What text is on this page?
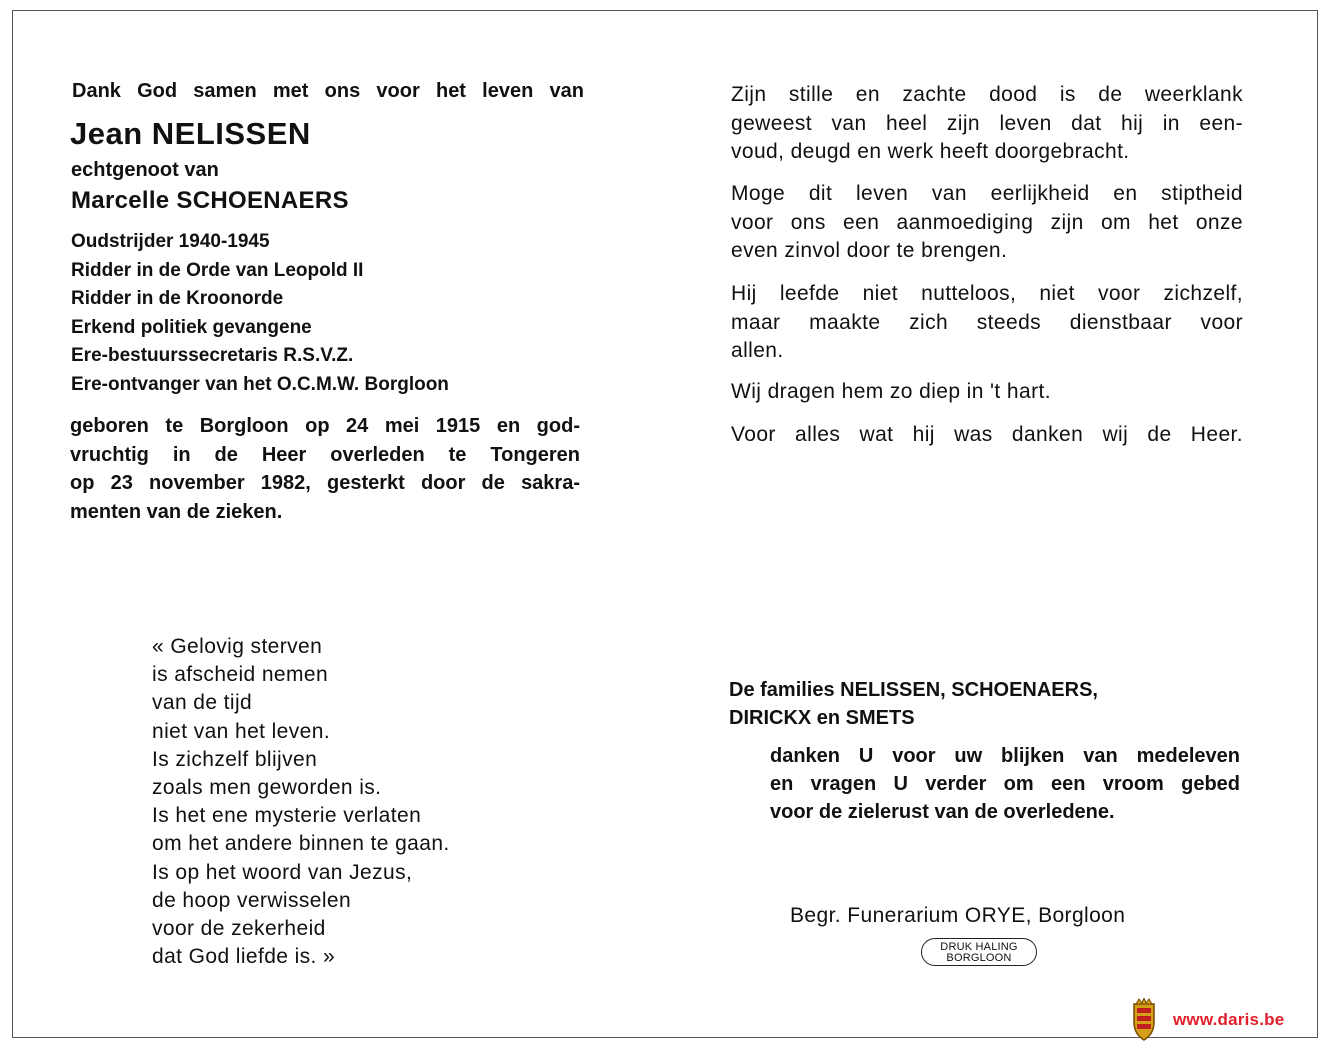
Dank God samen met ons voor het leven van
Jean NELISSEN
echtgenoot van
Marcelle SCHOENAERS
Oudstrijder 1940-1945
Ridder in de Orde van Leopold II
Ridder in de Kroonorde
Erkend politiek gevangene
Ere-bestuurssecretaris R.S.V.Z.
Ere-ontvanger van het O.C.M.W. Borgloon
geboren te Borgloon op 24 mei 1915 en god-
vruchtig in de Heer overleden te Tongeren
op 23 november 1982, gesterkt door de sakra-
menten van de zieken.
« Gelovig sterven
is afscheid nemen
van de tijd
niet van het leven.
Is zichzelf blijven
zoals men geworden is.
Is het ene mysterie verlaten
om het andere binnen te gaan.
Is op het woord van Jezus,
de hoop verwisselen
voor de zekerheid
dat God liefde is. »
Zijn stille en zachte dood is de weerklank
geweest van heel zijn leven dat hij in een-
voud, deugd en werk heeft doorgebracht.
Moge dit leven van eerlijkheid en stiptheid
voor ons een aanmoediging zijn om het onze
even zinvol door te brengen.
Hij leefde niet nutteloos, niet voor zichzelf,
maar maakte zich steeds dienstbaar voor
allen.
Wij dragen hem zo diep in 't hart.
Voor alles wat hij was danken wij de Heer.
De families NELISSEN, SCHOENAERS,
DIRICKX en SMETS
danken U voor uw blijken van medeleven
en vragen U verder om een vroom gebed
voor de zielerust van de overledene.
Begr. Funerarium ORYE, Borgloon
DRUK HALING
BORGLOON
www.daris.be
